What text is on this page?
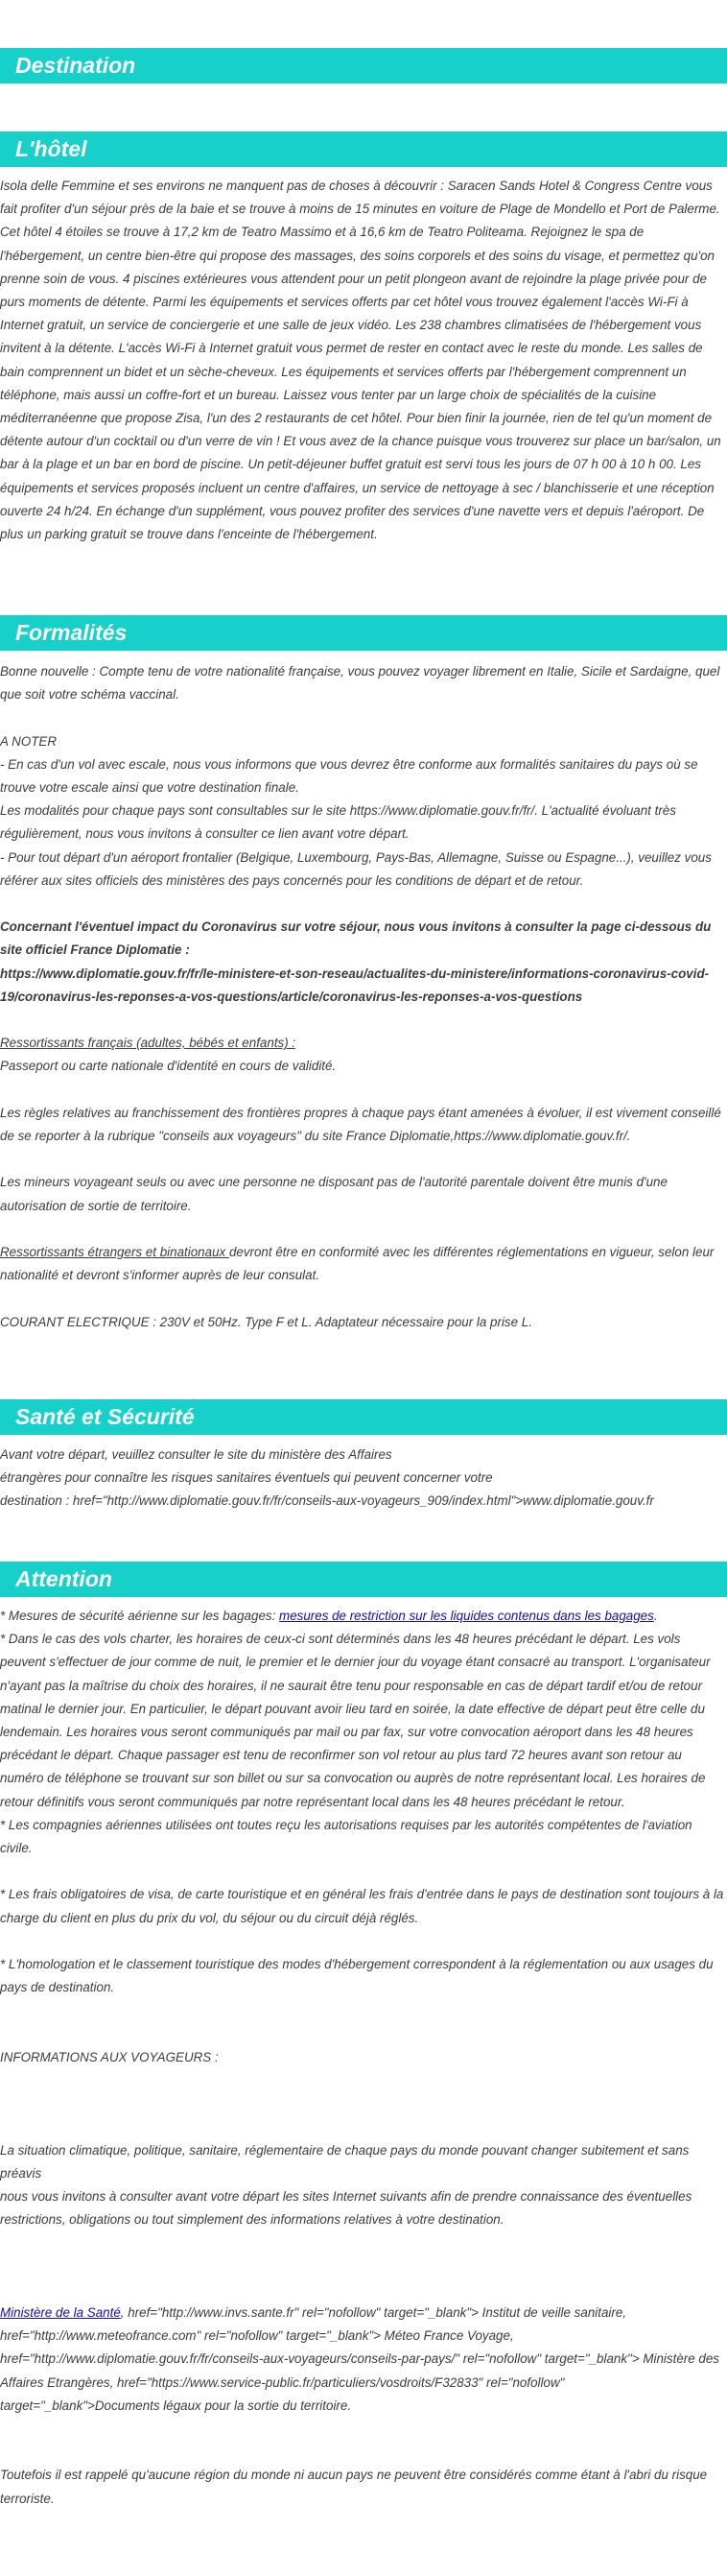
Destination
L'hôtel

Isola delle Femmine et ses environs ne manquent pas de choses à découvrir : Saracen Sands Hotel & Congress Centre vous fait profiter d'un séjour près de la baie et se trouve à moins de 15 minutes en voiture de Plage de Mondello et Port de Palerme. Cet hôtel 4 étoiles se trouve à 17,2 km de Teatro Massimo et à 16,6 km de Teatro Politeama. Rejoignez le spa de l'hébergement, un centre bien-être qui propose des massages, des soins corporels et des soins du visage, et permettez qu'on prenne soin de vous. 4 piscines extérieures vous attendent pour un petit plongeon avant de rejoindre la plage privée pour de purs moments de détente. Parmi les équipements et services offerts par cet hôtel vous trouvez également l'accès Wi-Fi à Internet gratuit, un service de conciergerie et une salle de jeux vidéo. Les 238 chambres climatisées de l'hébergement vous invitent à la détente. L'accès Wi-Fi à Internet gratuit vous permet de rester en contact avec le reste du monde. Les salles de bain comprennent un bidet et un sèche-cheveux. Les équipements et services offerts par l'hébergement comprennent un téléphone, mais aussi un coffre-fort et un bureau. Laissez vous tenter par un large choix de spécialités de la cuisine méditerranéenne que propose Zisa, l'un des 2 restaurants de cet hôtel. Pour bien finir la journée, rien de tel qu'un moment de détente autour d'un cocktail ou d'un verre de vin ! Et vous avez de la chance puisque vous trouverez sur place un bar/salon, un bar à la plage et un bar en bord de piscine. Un petit-déjeuner buffet gratuit est servi tous les jours de 07 h 00 à 10 h 00. Les équipements et services proposés incluent un centre d'affaires, un service de nettoyage à sec / blanchisserie et une réception ouverte 24 h/24. En échange d'un supplément, vous pouvez profiter des services d'une navette vers et depuis l'aéroport. De plus un parking gratuit se trouve dans l'enceinte de l'hébergement.

Formalités

Bonne nouvelle : Compte tenu de votre nationalité française, vous pouvez voyager librement en Italie, Sicile et Sardaigne, quel que soit votre schéma vaccinal.

A NOTER

- En cas d'un vol avec escale, nous vous informons que vous devrez être conforme aux formalités sanitaires du pays où se trouve votre escale ainsi que votre destination finale.

Les modalités pour chaque pays sont consultables sur le site https://www.diplomatie.gouv.fr/fr/. L'actualité évoluant très régulièrement, nous vous invitons à consulter ce lien avant votre départ.

- Pour tout départ d'un aéroport frontalier (Belgique, Luxembourg, Pays-Bas, Allemagne, Suisse ou Espagne...), veuillez vous référer aux sites officiels des ministères des pays concernés pour les conditions de départ et de retour.

Concernant l'éventuel impact du Coronavirus sur votre séjour, nous vous invitons à consulter la page ci-dessous du site officiel France Diplomatie :
https://www.diplomatie.gouv.fr/fr/le-ministere-et-son-reseau/actualites-du-ministere/informations-coronavirus-covid-19/coronavirus-les-reponses-a-vos-questions/article/coronavirus-les-reponses-a-vos-questions

Ressortissants français (adultes, bébés et enfants) :

Passeport ou carte nationale d'identité en cours de validité.

Les règles relatives au franchissement des frontières propres à chaque pays étant amenées à évoluer, il est vivement conseillé de se reporter à la rubrique "conseils aux voyageurs" du site France Diplomatie,https://www.diplomatie.gouv.fr/.

Les mineurs voyageant seuls ou avec une personne ne disposant pas de l'autorité parentale doivent être munis d'une autorisation de sortie de territoire.

Ressortissants étrangers et binationaux devront être en conformité avec les différentes réglementations en vigueur, selon leur nationalité et devront s'informer auprès de leur consulat.

COURANT ELECTRIQUE : 230V et 50Hz. Type F et L. Adaptateur nécessaire pour la prise L.

Santé et Sécurité

Avant votre départ, veuillez consulter le site du ministère des Affaires

étrangères pour connaître les risques sanitaires éventuels qui peuvent concerner votre

destination : href="http://www.diplomatie.gouv.fr/fr/conseils-aux-voyageurs_909/index.html">www.diplomatie.gouv.fr

Attention

* Mesures de sécurité aérienne sur les bagages: mesures de restriction sur les liquides contenus dans les bagages.

* Dans le cas des vols charter, les horaires de ceux-ci sont déterminés dans les 48 heures précédant le départ. Les vols peuvent s'effectuer de jour comme de nuit, le premier et le dernier jour du voyage étant consacré au transport. L'organisateur n'ayant pas la maîtrise du choix des horaires, il ne saurait être tenu pour responsable en cas de départ tardif et/ou de retour matinal le dernier jour. En particulier, le départ pouvant avoir lieu tard en soirée, la date effective de départ peut être celle du lendemain. Les horaires vous seront communiqués par mail ou par fax, sur votre convocation aéroport dans les 48 heures précédant le départ. Chaque passager est tenu de reconfirmer son vol retour au plus tard 72 heures avant son retour au numéro de téléphone se trouvant sur son billet ou sur sa convocation ou auprès de notre représentant local. Les horaires de retour définitifs vous seront communiqués par notre représentant local dans les 48 heures précédant le retour.

* Les compagnies aériennes utilisées ont toutes reçu les autorisations requises par les autorités compétentes de l'aviation civile.

* Les frais obligatoires de visa, de carte touristique et en général les frais d'entrée dans le pays de destination sont toujours à la charge du client en plus du prix du vol, du séjour ou du circuit déjà réglés.

* L'homologation et le classement touristique des modes d'hébergement correspondent à la réglementation ou aux usages du pays de destination.

INFORMATIONS AUX VOYAGEURS :

La situation climatique, politique, sanitaire, réglementaire de chaque pays du monde pouvant changer subitement et sans préavis

nous vous invitons à consulter avant votre départ les sites Internet suivants afin de prendre connaissance des éventuelles restrictions, obligations ou tout simplement des informations relatives à votre destination.

Ministère de la Santé, href="http://www.invs.sante.fr" rel="nofollow" target="_blank"> Institut de veille sanitaire, href="http://www.meteofrance.com" rel="nofollow" target="_blank"> Méteo France Voyage, href="http://www.diplomatie.gouv.fr/fr/conseils-aux-voyageurs/conseils-par-pays/" rel="nofollow" target="_blank"> Ministère des Affaires Etrangères, href="https://www.service-public.fr/particuliers/vosdroits/F32833" rel="nofollow" target="_blank">Documents légaux pour la sortie du territoire.

Toutefois il est rappelé qu'aucune région du monde ni aucun pays ne peuvent être considérés comme étant à l'abri du risque terroriste.
